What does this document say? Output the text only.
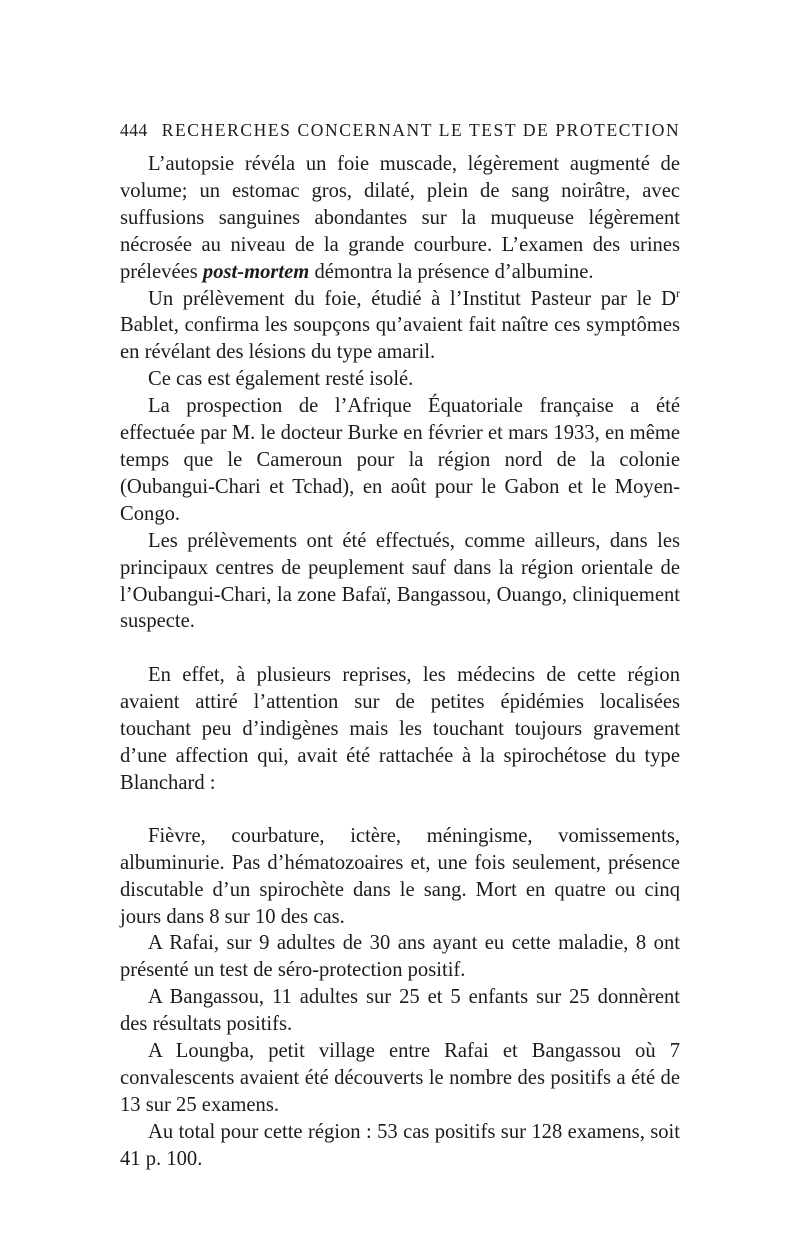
444 RECHERCHES CONCERNANT LE TEST DE PROTECTION

L’autopsie révéla un foie muscade, légèrement augmenté de volume; un estomac gros, dilaté, plein de sang noirâtre, avec suffusions sanguines abondantes sur la muqueuse légèrement nécrosée au niveau de la grande courbure. L’examen des urines prélevées post-mortem démontra la présence d’albumine.

Un prélèvement du foie, étudié à l’Institut Pasteur par le $D^r$ Bablet, confirma les soupçons qu’avaient fait naître ces symptômes en révélant des lésions du type amaril.

Ce cas est également resté isolé.

La prospection de l’Afrique Équatoriale française a été effectuée par M. le docteur Burke en février et mars 1933, en même temps que le Cameroun pour la région nord de la colonie (Oubangui-Chari et Tchad), en août pour le Gabon et le Moyen-Congo.

Les prélèvements ont été effectués, comme ailleurs, dans les principaux centres de peuplement sauf dans la région orientale de l’Oubangui-Chari, la zone Bafaï, Bangassou, Ouango, cliniquement suspecte.

En effet, à plusieurs reprises, les médecins de cette région avaient attiré l’attention sur de petites épidémies localisées touchant peu d’indigènes mais les touchant toujours gravement d’une affection qui, avait été rattachée à la spirochétose du type Blanchard :

Fièvre, courbature, ictère, méningisme, vomissements, albuminurie. Pas d’hématozoaires et, une fois seulement, présence discutable d’un spirochète dans le sang. Mort en quatre ou cinq jours dans 8 sur 10 des cas.

A Rafai, sur 9 adultes de 30 ans ayant eu cette maladie, 8 ont présenté un test de séro-protection positif.

A Bangassou, 11 adultes sur 25 et 5 enfants sur 25 donnèrent des résultats positifs.

A Loungba, petit village entre Rafai et Bangassou où 7 convalescents avaient été découverts le nombre des positifs a été de 13 sur 25 examens.

Au total pour cette région : 53 cas positifs sur 128 examens, soit 41 p. 100.
